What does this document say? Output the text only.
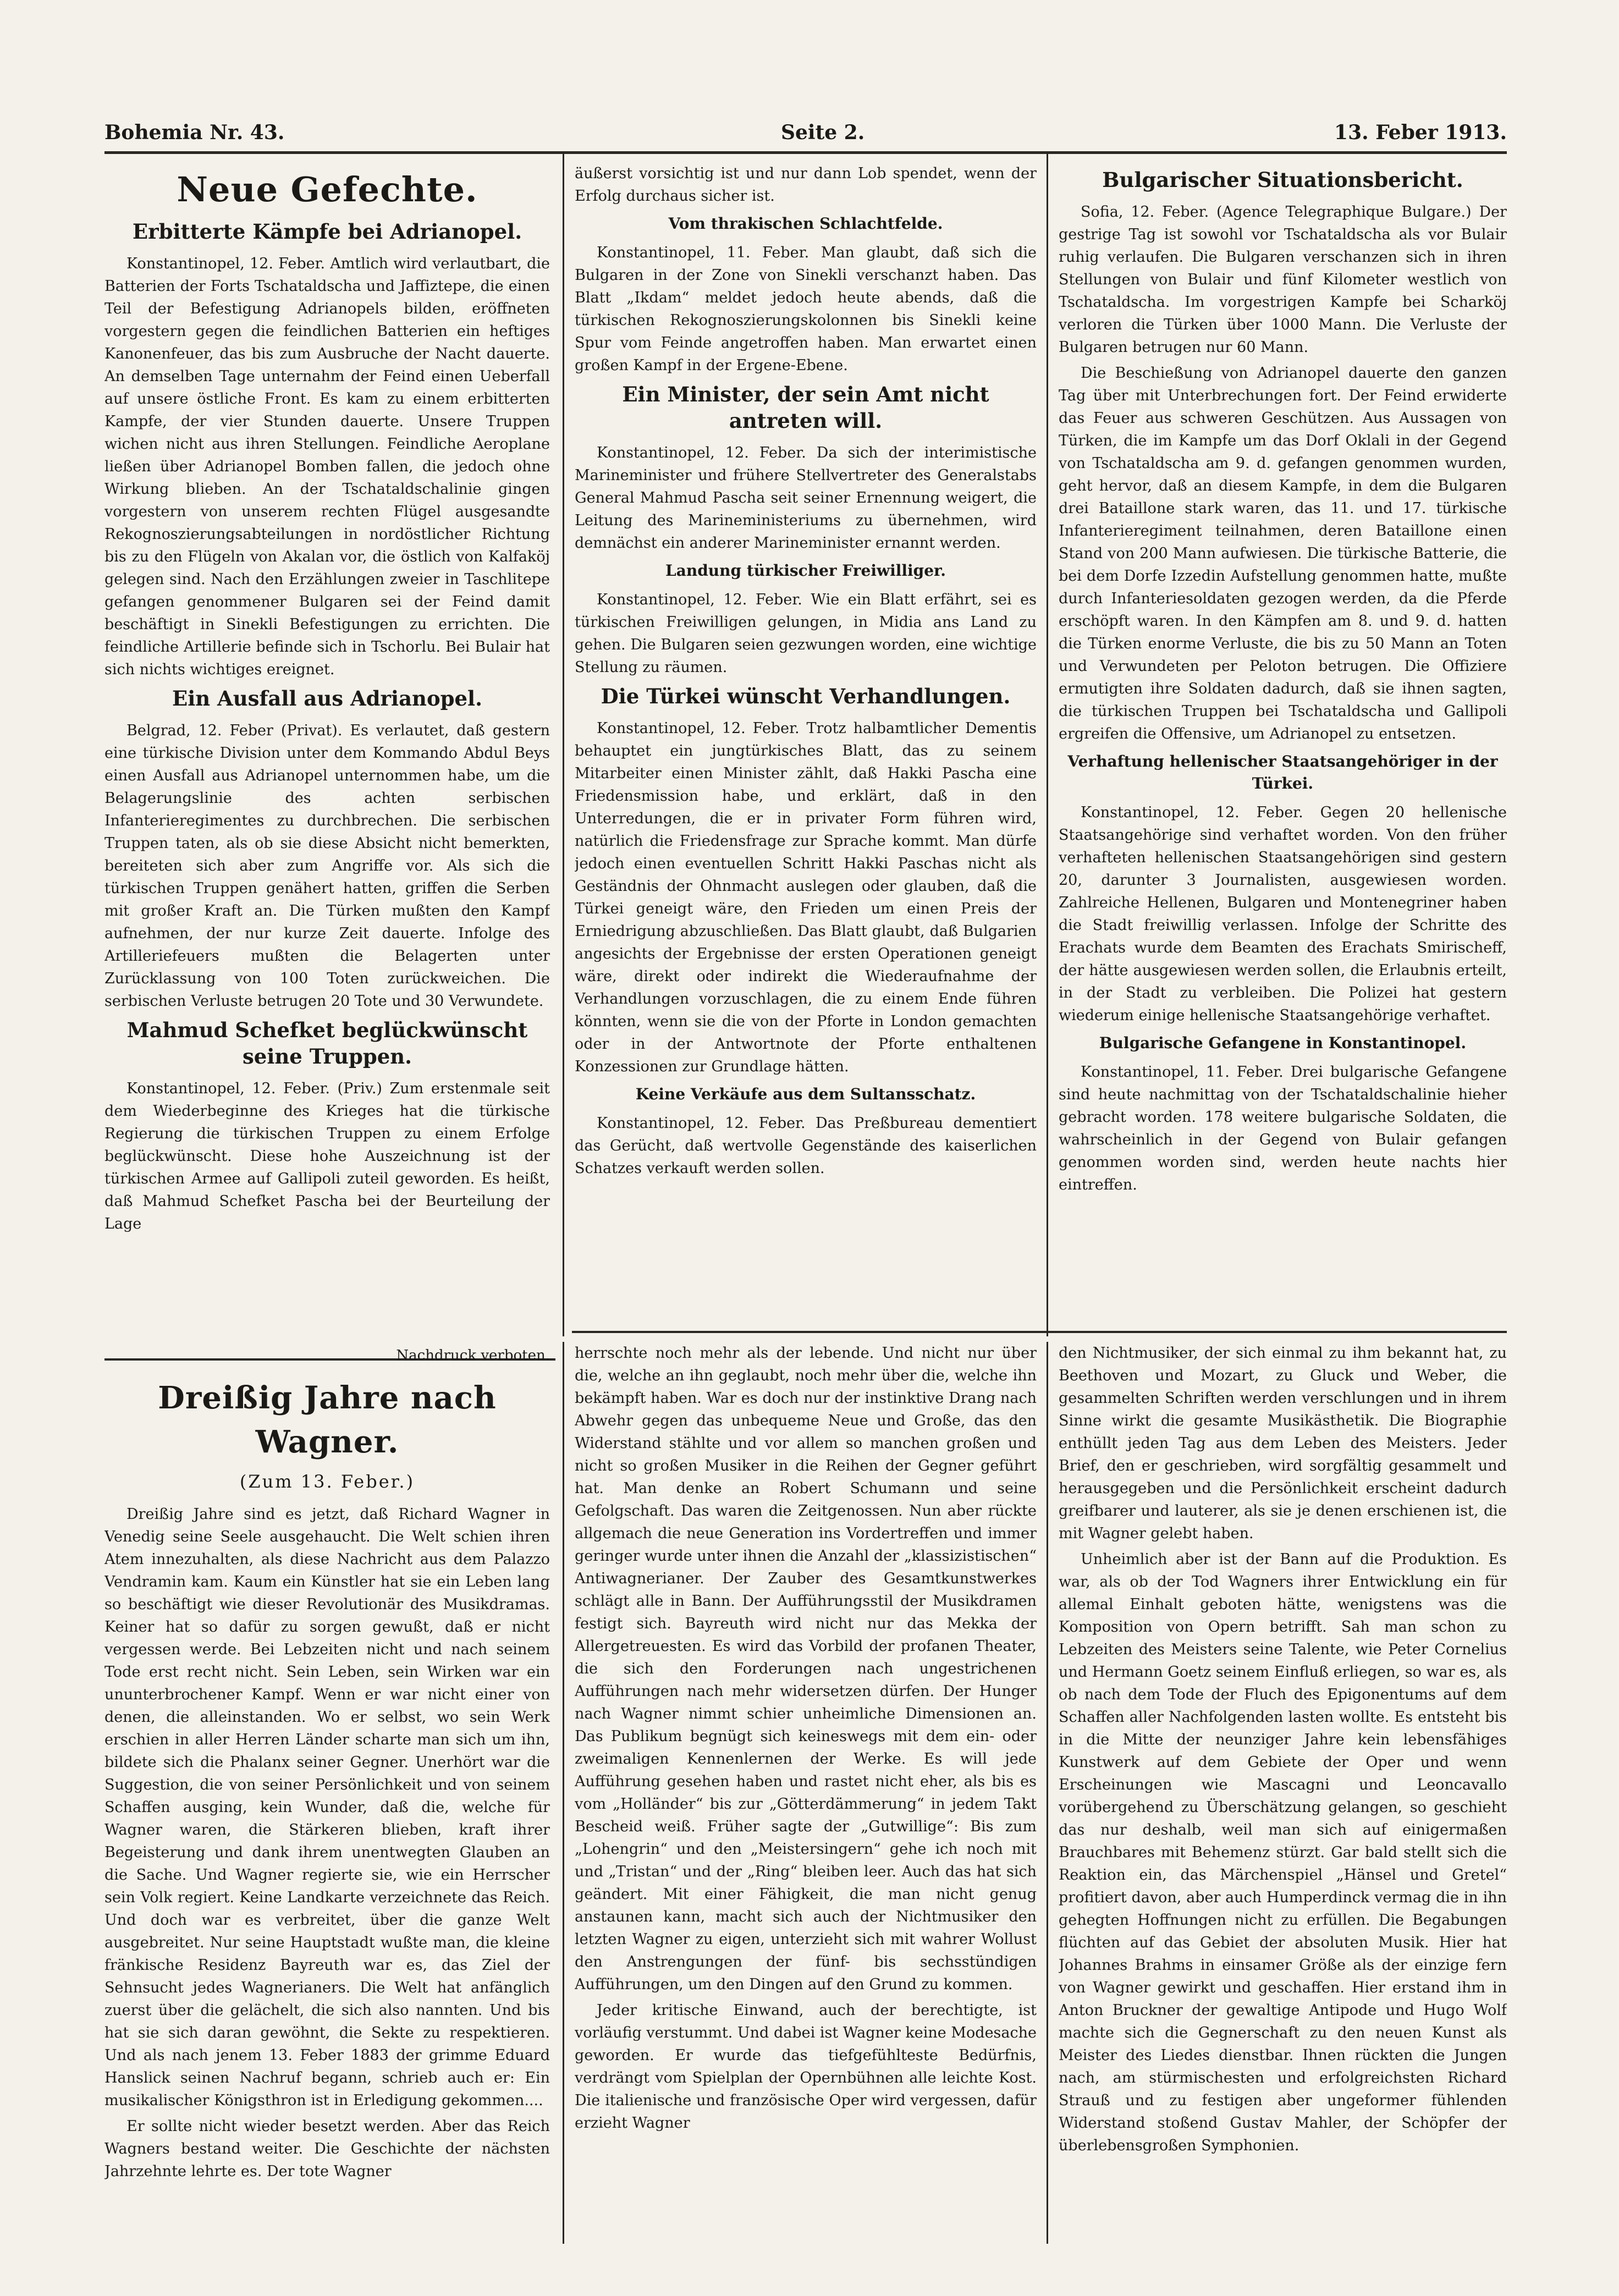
Bohemia Nr. 43.	Seite 2.	13. Feber 1913.
Neue Gefechte.
Erbitterte Kämpfe bei Adrianopel.

Konstantinopel, 12. Feber. Amtlich wird verlautbart, die Batterien der Forts Tschataldscha und Jaffiztepe, die einen Teil der Befestigung Adrianopels bilden, eröffneten vorgestern gegen die feindlichen Batterien ein heftiges Kanonenfeuer, das bis zum Ausbruche der Nacht dauerte. An demselben Tage unternahm der Feind einen Ueberfall auf unsere östliche Front. Es kam zu einem erbitterten Kampfe, der vier Stunden dauerte. Unsere Truppen wichen nicht aus ihren Stellungen. Feindliche Aeroplane ließen über Adrianopel Bomben fallen, die jedoch ohne Wirkung blieben. An der Tschataldschalinie gingen vorgestern von unserem rechten Flügel ausgesandte Rekognoszierungsabteilungen in nordöstlicher Richtung bis zu den Flügeln von Akalan vor, die östlich von Kalfaköj gelegen sind. Nach den Erzählungen zweier in Taschlitepe gefangen genommener Bulgaren sei der Feind damit beschäftigt in Sinekli Befestigungen zu errichten. Die feindliche Artillerie befinde sich in Tschorlu. Bei Bulair hat sich nichts wichtiges ereignet.

Ein Ausfall aus Adrianopel.

Belgrad, 12. Feber (Privat). Es verlautet, daß gestern eine türkische Division unter dem Kommando Abdul Beys einen Ausfall aus Adrianopel unternommen habe, um die Belagerungslinie des achten serbischen Infanterieregimentes zu durchbrechen. Die serbischen Truppen taten, als ob sie diese Absicht nicht bemerkten, bereiteten sich aber zum Angriffe vor. Als sich die türkischen Truppen genähert hatten, griffen die Serben mit großer Kraft an. Die Türken mußten den Kampf aufnehmen, der nur kurze Zeit dauerte. Infolge des Artilleriefeuers mußten die Belagerten unter Zurücklassung von 100 Toten zurückweichen. Die serbischen Verluste betrugen 20 Tote und 30 Verwundete.

Mahmud Schefket beglückwünscht seine Truppen.

Konstantinopel, 12. Feber. (Priv.) Zum erstenmale seit dem Wiederbeginne des Krieges hat die türkische Regierung die türkischen Truppen zu einem Erfolge beglückwünscht. Diese hohe Auszeichnung ist der türkischen Armee auf Gallipoli zuteil geworden. Es heißt, daß Mahmud Schefket Pascha bei der Beurteilung der Lage

äußerst vorsichtig ist und nur dann Lob spendet, wenn der Erfolg durchaus sicher ist.

Vom thrakischen Schlachtfelde.

Konstantinopel, 11. Feber. Man glaubt, daß sich die Bulgaren in der Zone von Sinekli verschanzt haben. Das Blatt „Ikdam“ meldet jedoch heute abends, daß die türkischen Rekognoszierungskolonnen bis Sinekli keine Spur vom Feinde angetroffen haben. Man erwartet einen großen Kampf in der Ergene-Ebene.

Ein Minister, der sein Amt nicht antreten will.

Konstantinopel, 12. Feber. Da sich der interimistische Marineminister und frühere Stellvertreter des Generalstabs General Mahmud Pascha seit seiner Ernennung weigert, die Leitung des Marineministeriums zu übernehmen, wird demnächst ein anderer Marineminister ernannt werden.

Landung türkischer Freiwilliger.

Konstantinopel, 12. Feber. Wie ein Blatt erfährt, sei es türkischen Freiwilligen gelungen, in Midia ans Land zu gehen. Die Bulgaren seien gezwungen worden, eine wichtige Stellung zu räumen.

Die Türkei wünscht Verhandlungen.

Konstantinopel, 12. Feber. Trotz halbamtlicher Dementis behauptet ein jungtürkisches Blatt, das zu seinem Mitarbeiter einen Minister zählt, daß Hakki Pascha eine Friedensmission habe, und erklärt, daß in den Unterredungen, die er in privater Form führen wird, natürlich die Friedensfrage zur Sprache kommt. Man dürfe jedoch einen eventuellen Schritt Hakki Paschas nicht als Geständnis der Ohnmacht auslegen oder glauben, daß die Türkei geneigt wäre, den Frieden um einen Preis der Erniedrigung abzuschließen. Das Blatt glaubt, daß Bulgarien angesichts der Ergebnisse der ersten Operationen geneigt wäre, direkt oder indirekt die Wiederaufnahme der Verhandlungen vorzuschlagen, die zu einem Ende führen könnten, wenn sie die von der Pforte in London gemachten oder in der Antwortnote der Pforte enthaltenen Konzessionen zur Grundlage hätten.

Keine Verkäufe aus dem Sultansschatz.

Konstantinopel, 12. Feber. Das Preßbureau dementiert das Gerücht, daß wertvolle Gegenstände des kaiserlichen Schatzes verkauft werden sollen.

Bulgarischer Situationsbericht.

Sofia, 12. Feber. (Agence Telegraphique Bulgare.) Der gestrige Tag ist sowohl vor Tschataldscha als vor Bulair ruhig verlaufen. Die Bulgaren verschanzen sich in ihren Stellungen von Bulair und fünf Kilometer westlich von Tschataldscha. Im vorgestrigen Kampfe bei Scharköj verloren die Türken über 1000 Mann. Die Verluste der Bulgaren betrugen nur 60 Mann.

Die Beschießung von Adrianopel dauerte den ganzen Tag über mit Unterbrechungen fort. Der Feind erwiderte das Feuer aus schweren Geschützen. Aus Aussagen von Türken, die im Kampfe um das Dorf Oklali in der Gegend von Tschataldscha am 9. d. gefangen genommen wurden, geht hervor, daß an diesem Kampfe, in dem die Bulgaren drei Bataillone stark waren, das 11. und 17. türkische Infanterieregiment teilnahmen, deren Bataillone einen Stand von 200 Mann aufwiesen. Die türkische Batterie, die bei dem Dorfe Izzedin Aufstellung genommen hatte, mußte durch Infanteriesoldaten gezogen werden, da die Pferde erschöpft waren. In den Kämpfen am 8. und 9. d. hatten die Türken enorme Verluste, die bis zu 50 Mann an Toten und Verwundeten per Peloton betrugen. Die Offiziere ermutigten ihre Soldaten dadurch, daß sie ihnen sagten, die türkischen Truppen bei Tschataldscha und Gallipoli ergreifen die Offensive, um Adrianopel zu entsetzen.

Verhaftung hellenischer Staatsangehöriger in der Türkei.

Konstantinopel, 12. Feber. Gegen 20 hellenische Staatsangehörige sind verhaftet worden. Von den früher verhafteten hellenischen Staatsangehörigen sind gestern 20, darunter 3 Journalisten, ausgewiesen worden. Zahlreiche Hellenen, Bulgaren und Montenegriner haben die Stadt freiwillig verlassen. Infolge der Schritte des Erachats wurde dem Beamten des Erachats Smirischeff, der hätte ausgewiesen werden sollen, die Erlaubnis erteilt, in der Stadt zu verbleiben. Die Polizei hat gestern wiederum einige hellenische Staatsangehörige verhaftet.

Bulgarische Gefangene in Konstantinopel.

Konstantinopel, 11. Feber. Drei bulgarische Gefangene sind heute nachmittag von der Tschataldschalinie hieher gebracht worden. 178 weitere bulgarische Soldaten, die wahrscheinlich in der Gegend von Bulair gefangen genommen worden sind, werden heute nachts hier eintreffen.

Nachdruck verboten.
Dreißig Jahre nach Wagner.
(Zum 13. Feber.)

Dreißig Jahre sind es jetzt, daß Richard Wagner in Venedig seine Seele ausgehaucht. Die Welt schien ihren Atem innezuhalten, als diese Nachricht aus dem Palazzo Vendramin kam. Kaum ein Künstler hat sie ein Leben lang so beschäftigt wie dieser Revolutionär des Musikdramas. Keiner hat so dafür zu sorgen gewußt, daß er nicht vergessen werde. Bei Lebzeiten nicht und nach seinem Tode erst recht nicht. Sein Leben, sein Wirken war ein ununterbrochener Kampf. Wenn er war nicht einer von denen, die alleinstanden. Wo er selbst, wo sein Werk erschien in aller Herren Länder scharte man sich um ihn, bildete sich die Phalanx seiner Gegner. Unerhört war die Suggestion, die von seiner Persönlichkeit und von seinem Schaffen ausging, kein Wunder, daß die, welche für Wagner waren, die Stärkeren blieben, kraft ihrer Begeisterung und dank ihrem unentwegten Glauben an die Sache. Und Wagner regierte sie, wie ein Herrscher sein Volk regiert. Keine Landkarte verzeichnete das Reich. Und doch war es verbreitet, über die ganze Welt ausgebreitet. Nur seine Hauptstadt wußte man, die kleine fränkische Residenz Bayreuth war es, das Ziel der Sehnsucht jedes Wagnerianers. Die Welt hat anfänglich zuerst über die gelächelt, die sich also nannten. Und bis hat sie sich daran gewöhnt, die Sekte zu respektieren. Und als nach jenem 13. Feber 1883 der grimme Eduard Hanslick seinen Nachruf begann, schrieb auch er: Ein musikalischer Königsthron ist in Erledigung gekommen....

Er sollte nicht wieder besetzt werden. Aber das Reich Wagners bestand weiter. Die Geschichte der nächsten Jahrzehnte lehrte es. Der tote Wagner

herrschte noch mehr als der lebende. Und nicht nur über die, welche an ihn geglaubt, noch mehr über die, welche ihn bekämpft haben. War es doch nur der instinktive Drang nach Abwehr gegen das unbequeme Neue und Große, das den Widerstand stählte und vor allem so manchen großen und nicht so großen Musiker in die Reihen der Gegner geführt hat. Man denke an Robert Schumann und seine Gefolgschaft. Das waren die Zeitgenossen. Nun aber rückte allgemach die neue Generation ins Vordertreffen und immer geringer wurde unter ihnen die Anzahl der „klassizistischen“ Antiwagnerianer. Der Zauber des Gesamtkunstwerkes schlägt alle in Bann. Der Aufführungsstil der Musikdramen festigt sich. Bayreuth wird nicht nur das Mekka der Allergetreuesten. Es wird das Vorbild der profanen Theater, die sich den Forderungen nach ungestrichenen Aufführungen nach mehr widersetzen dürfen. Der Hunger nach Wagner nimmt schier unheimliche Dimensionen an. Das Publikum begnügt sich keineswegs mit dem ein- oder zweimaligen Kennenlernen der Werke. Es will jede Aufführung gesehen haben und rastet nicht eher, als bis es vom „Holländer“ bis zur „Götterdämmerung“ in jedem Takt Bescheid weiß. Früher sagte der „Gutwillige“: Bis zum „Lohengrin“ und den „Meistersingern“ gehe ich noch mit und „Tristan“ und der „Ring“ bleiben leer. Auch das hat sich geändert. Mit einer Fähigkeit, die man nicht genug anstaunen kann, macht sich auch der Nichtmusiker den letzten Wagner zu eigen, unterzieht sich mit wahrer Wollust den Anstrengungen der fünf- bis sechsstündigen Aufführungen, um den Dingen auf den Grund zu kommen.

Jeder kritische Einwand, auch der berechtigte, ist vorläufig verstummt. Und dabei ist Wagner keine Modesache geworden. Er wurde das tiefgefühlteste Bedürfnis, verdrängt vom Spielplan der Opernbühnen alle leichte Kost. Die italienische und französische Oper wird vergessen, dafür erzieht Wagner

den Nichtmusiker, der sich einmal zu ihm bekannt hat, zu Beethoven und Mozart, zu Gluck und Weber, die gesammelten Schriften werden verschlungen und in ihrem Sinne wirkt die gesamte Musikästhetik. Die Biographie enthüllt jeden Tag aus dem Leben des Meisters. Jeder Brief, den er geschrieben, wird sorgfältig gesammelt und herausgegeben und die Persönlichkeit erscheint dadurch greifbarer und lauterer, als sie je denen erschienen ist, die mit Wagner gelebt haben.

Unheimlich aber ist der Bann auf die Produktion. Es war, als ob der Tod Wagners ihrer Entwicklung ein für allemal Einhalt geboten hätte, wenigstens was die Komposition von Opern betrifft. Sah man schon zu Lebzeiten des Meisters seine Talente, wie Peter Cornelius und Hermann Goetz seinem Einfluß erliegen, so war es, als ob nach dem Tode der Fluch des Epigonentums auf dem Schaffen aller Nachfolgenden lasten wollte. Es entsteht bis in die Mitte der neunziger Jahre kein lebensfähiges Kunstwerk auf dem Gebiete der Oper und wenn Erscheinungen wie Mascagni und Leoncavallo vorübergehend zu Überschätzung gelangen, so geschieht das nur deshalb, weil man sich auf einigermaßen Brauchbares mit Behemenz stürzt. Gar bald stellt sich die Reaktion ein, das Märchenspiel „Hänsel und Gretel“ profitiert davon, aber auch Humperdinck vermag die in ihn gehegten Hoffnungen nicht zu erfüllen. Die Begabungen flüchten auf das Gebiet der absoluten Musik. Hier hat Johannes Brahms in einsamer Größe als der einzige fern von Wagner gewirkt und geschaffen. Hier erstand ihm in Anton Bruckner der gewaltige Antipode und Hugo Wolf machte sich die Gegnerschaft zu den neuen Kunst als Meister des Liedes dienstbar. Ihnen rückten die Jungen nach, am stürmischesten und erfolgreichsten Richard Strauß und zu festigen aber ungeformer fühlenden Widerstand stoßend Gustav Mahler, der Schöpfer der überlebensgroßen Symphonien.
